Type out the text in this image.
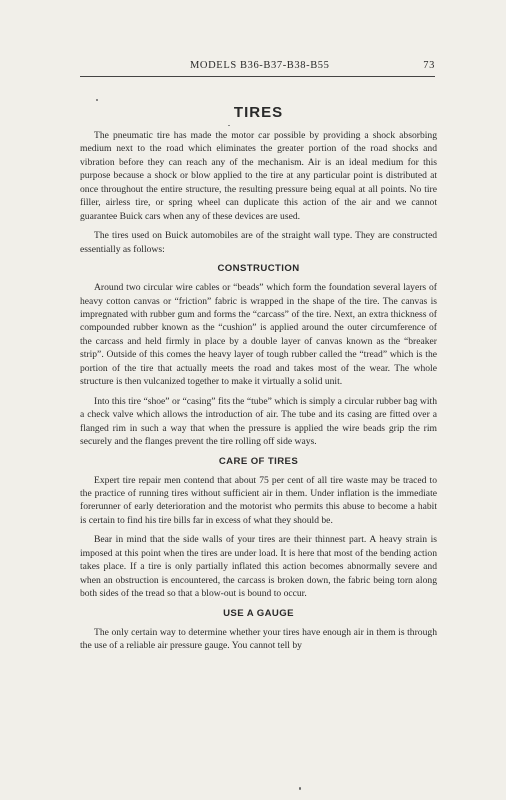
MODELS B36-B37-B38-B55	73
TIRES

The pneumatic tire has made the motor car possible by providing a shock absorbing medium next to the road which eliminates the greater portion of the road shocks and vibration before they can reach any of the mechanism. Air is an ideal medium for this purpose because a shock or blow applied to the tire at any particular point is distributed at once throughout the entire structure, the resulting pressure being equal at all points. No tire filler, airless tire, or spring wheel can duplicate this action of the air and we cannot guarantee Buick cars when any of these devices are used.

The tires used on Buick automobiles are of the straight wall type. They are constructed essentially as follows:

CONSTRUCTION

Around two circular wire cables or “beads” which form the foundation several layers of heavy cotton canvas or “friction” fabric is wrapped in the shape of the tire. The canvas is impregnated with rubber gum and forms the “carcass” of the tire. Next, an extra thickness of compounded rubber known as the “cushion” is applied around the outer circumference of the carcass and held firmly in place by a double layer of canvas known as the “breaker strip”. Outside of this comes the heavy layer of tough rubber called the “tread” which is the portion of the tire that actually meets the road and takes most of the wear. The whole structure is then vulcanized together to make it virtually a solid unit.

Into this tire “shoe” or “casing” fits the “tube” which is simply a circular rubber bag with a check valve which allows the introduction of air. The tube and its casing are fitted over a flanged rim in such a way that when the pressure is applied the wire beads grip the rim securely and the flanges prevent the tire rolling off side ways.

CARE OF TIRES

Expert tire repair men contend that about 75 per cent of all tire waste may be traced to the practice of running tires without sufficient air in them. Under inflation is the immediate forerunner of early deterioration and the motorist who permits this abuse to become a habit is certain to find his tire bills far in excess of what they should be.

Bear in mind that the side walls of your tires are their thinnest part. A heavy strain is imposed at this point when the tires are under load. It is here that most of the bending action takes place. If a tire is only partially inflated this action becomes abnormally severe and when an obstruction is encountered, the carcass is broken down, the fabric being torn along both sides of the tread so that a blow-out is bound to occur.

USE A GAUGE

The only certain way to determine whether your tires have enough air in them is through the use of a reliable air pressure gauge. You cannot tell by
